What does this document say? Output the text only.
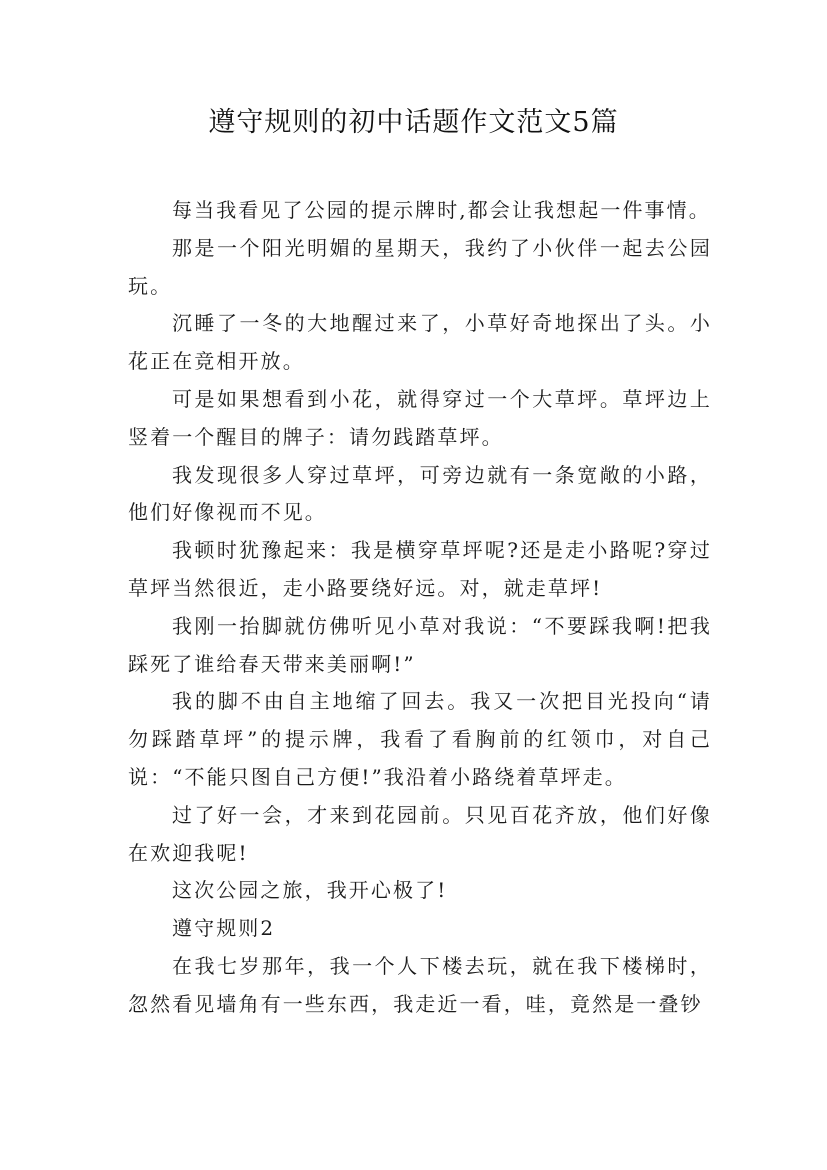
遵守规则的初中话题作文范文5篇

每当我看见了公园的提示牌时,都会让我想起一件事情。

那是一个阳光明媚的星期天，我约了小伙伴一起去公园玩。

沉睡了一冬的大地醒过来了，小草好奇地探出了头。小花正在竞相开放。

可是如果想看到小花，就得穿过一个大草坪。草坪边上竖着一个醒目的牌子：请勿践踏草坪。

我发现很多人穿过草坪，可旁边就有一条宽敞的小路，他们好像视而不见。

我顿时犹豫起来：我是横穿草坪呢?还是走小路呢?穿过草坪当然很近，走小路要绕好远。对，就走草坪!

我刚一抬脚就仿佛听见小草对我说：“不要踩我啊!把我踩死了谁给春天带来美丽啊!”

我的脚不由自主地缩了回去。我又一次把目光投向“请勿踩踏草坪”的提示牌，我看了看胸前的红领巾，对自己说：“不能只图自己方便!”我沿着小路绕着草坪走。

过了好一会，才来到花园前。只见百花齐放，他们好像在欢迎我呢!

这次公园之旅，我开心极了!

遵守规则2

在我七岁那年，我一个人下楼去玩，就在我下楼梯时，忽然看见墙角有一些东西，我走近一看，哇，竟然是一叠钞
